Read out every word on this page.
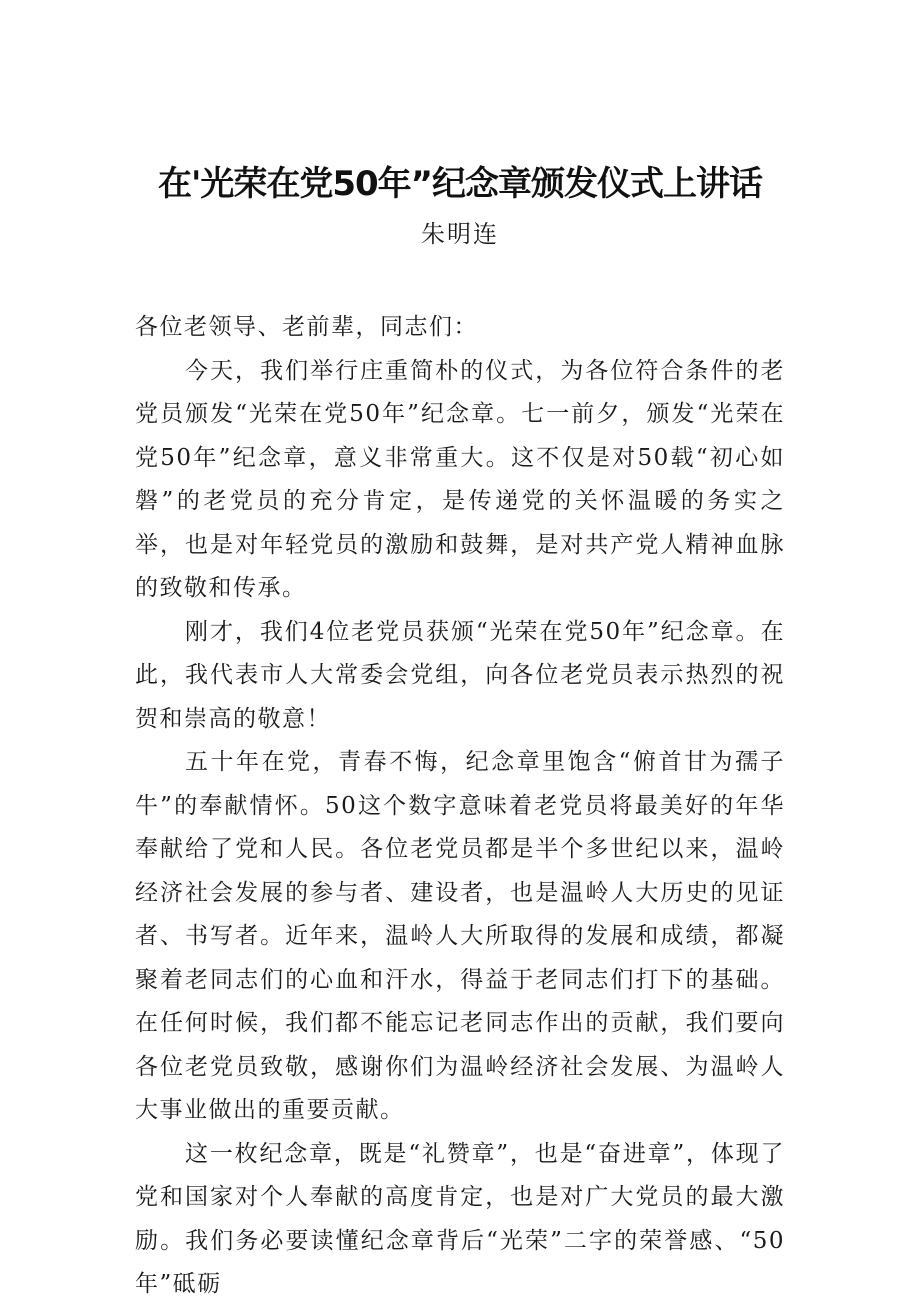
在'光荣在党50年”纪念章颁发仪式上讲话
朱明连

各位老领导、老前辈，同志们：

今天，我们举行庄重简朴的仪式，为各位符合条件的老党员颁发“光荣在党50年”纪念章。七一前夕，颁发“光荣在党50年”纪念章，意义非常重大。这不仅是对50载“初心如磐”的老党员的充分肯定，是传递党的关怀温暖的务实之举，也是对年轻党员的激励和鼓舞，是对共产党人精神血脉的致敬和传承。

刚才，我们4位老党员获颁“光荣在党50年”纪念章。在此，我代表市人大常委会党组，向各位老党员表示热烈的祝贺和崇高的敬意！

五十年在党，青春不悔，纪念章里饱含“俯首甘为孺子牛”的奉献情怀。50这个数字意味着老党员将最美好的年华奉献给了党和人民。各位老党员都是半个多世纪以来，温岭经济社会发展的参与者、建设者，也是温岭人大历史的见证者、书写者。近年来，温岭人大所取得的发展和成绩，都凝聚着老同志们的心血和汗水，得益于老同志们打下的基础。在任何时候，我们都不能忘记老同志作出的贡献，我们要向各位老党员致敬，感谢你们为温岭经济社会发展、为温岭人大事业做出的重要贡献。

这一枚纪念章，既是“礼赞章”，也是“奋进章”，体现了党和国家对个人奉献的高度肯定，也是对广大党员的最大激励。我们务必要读懂纪念章背后“光荣”二字的荣誉感、“50年”砥砺
